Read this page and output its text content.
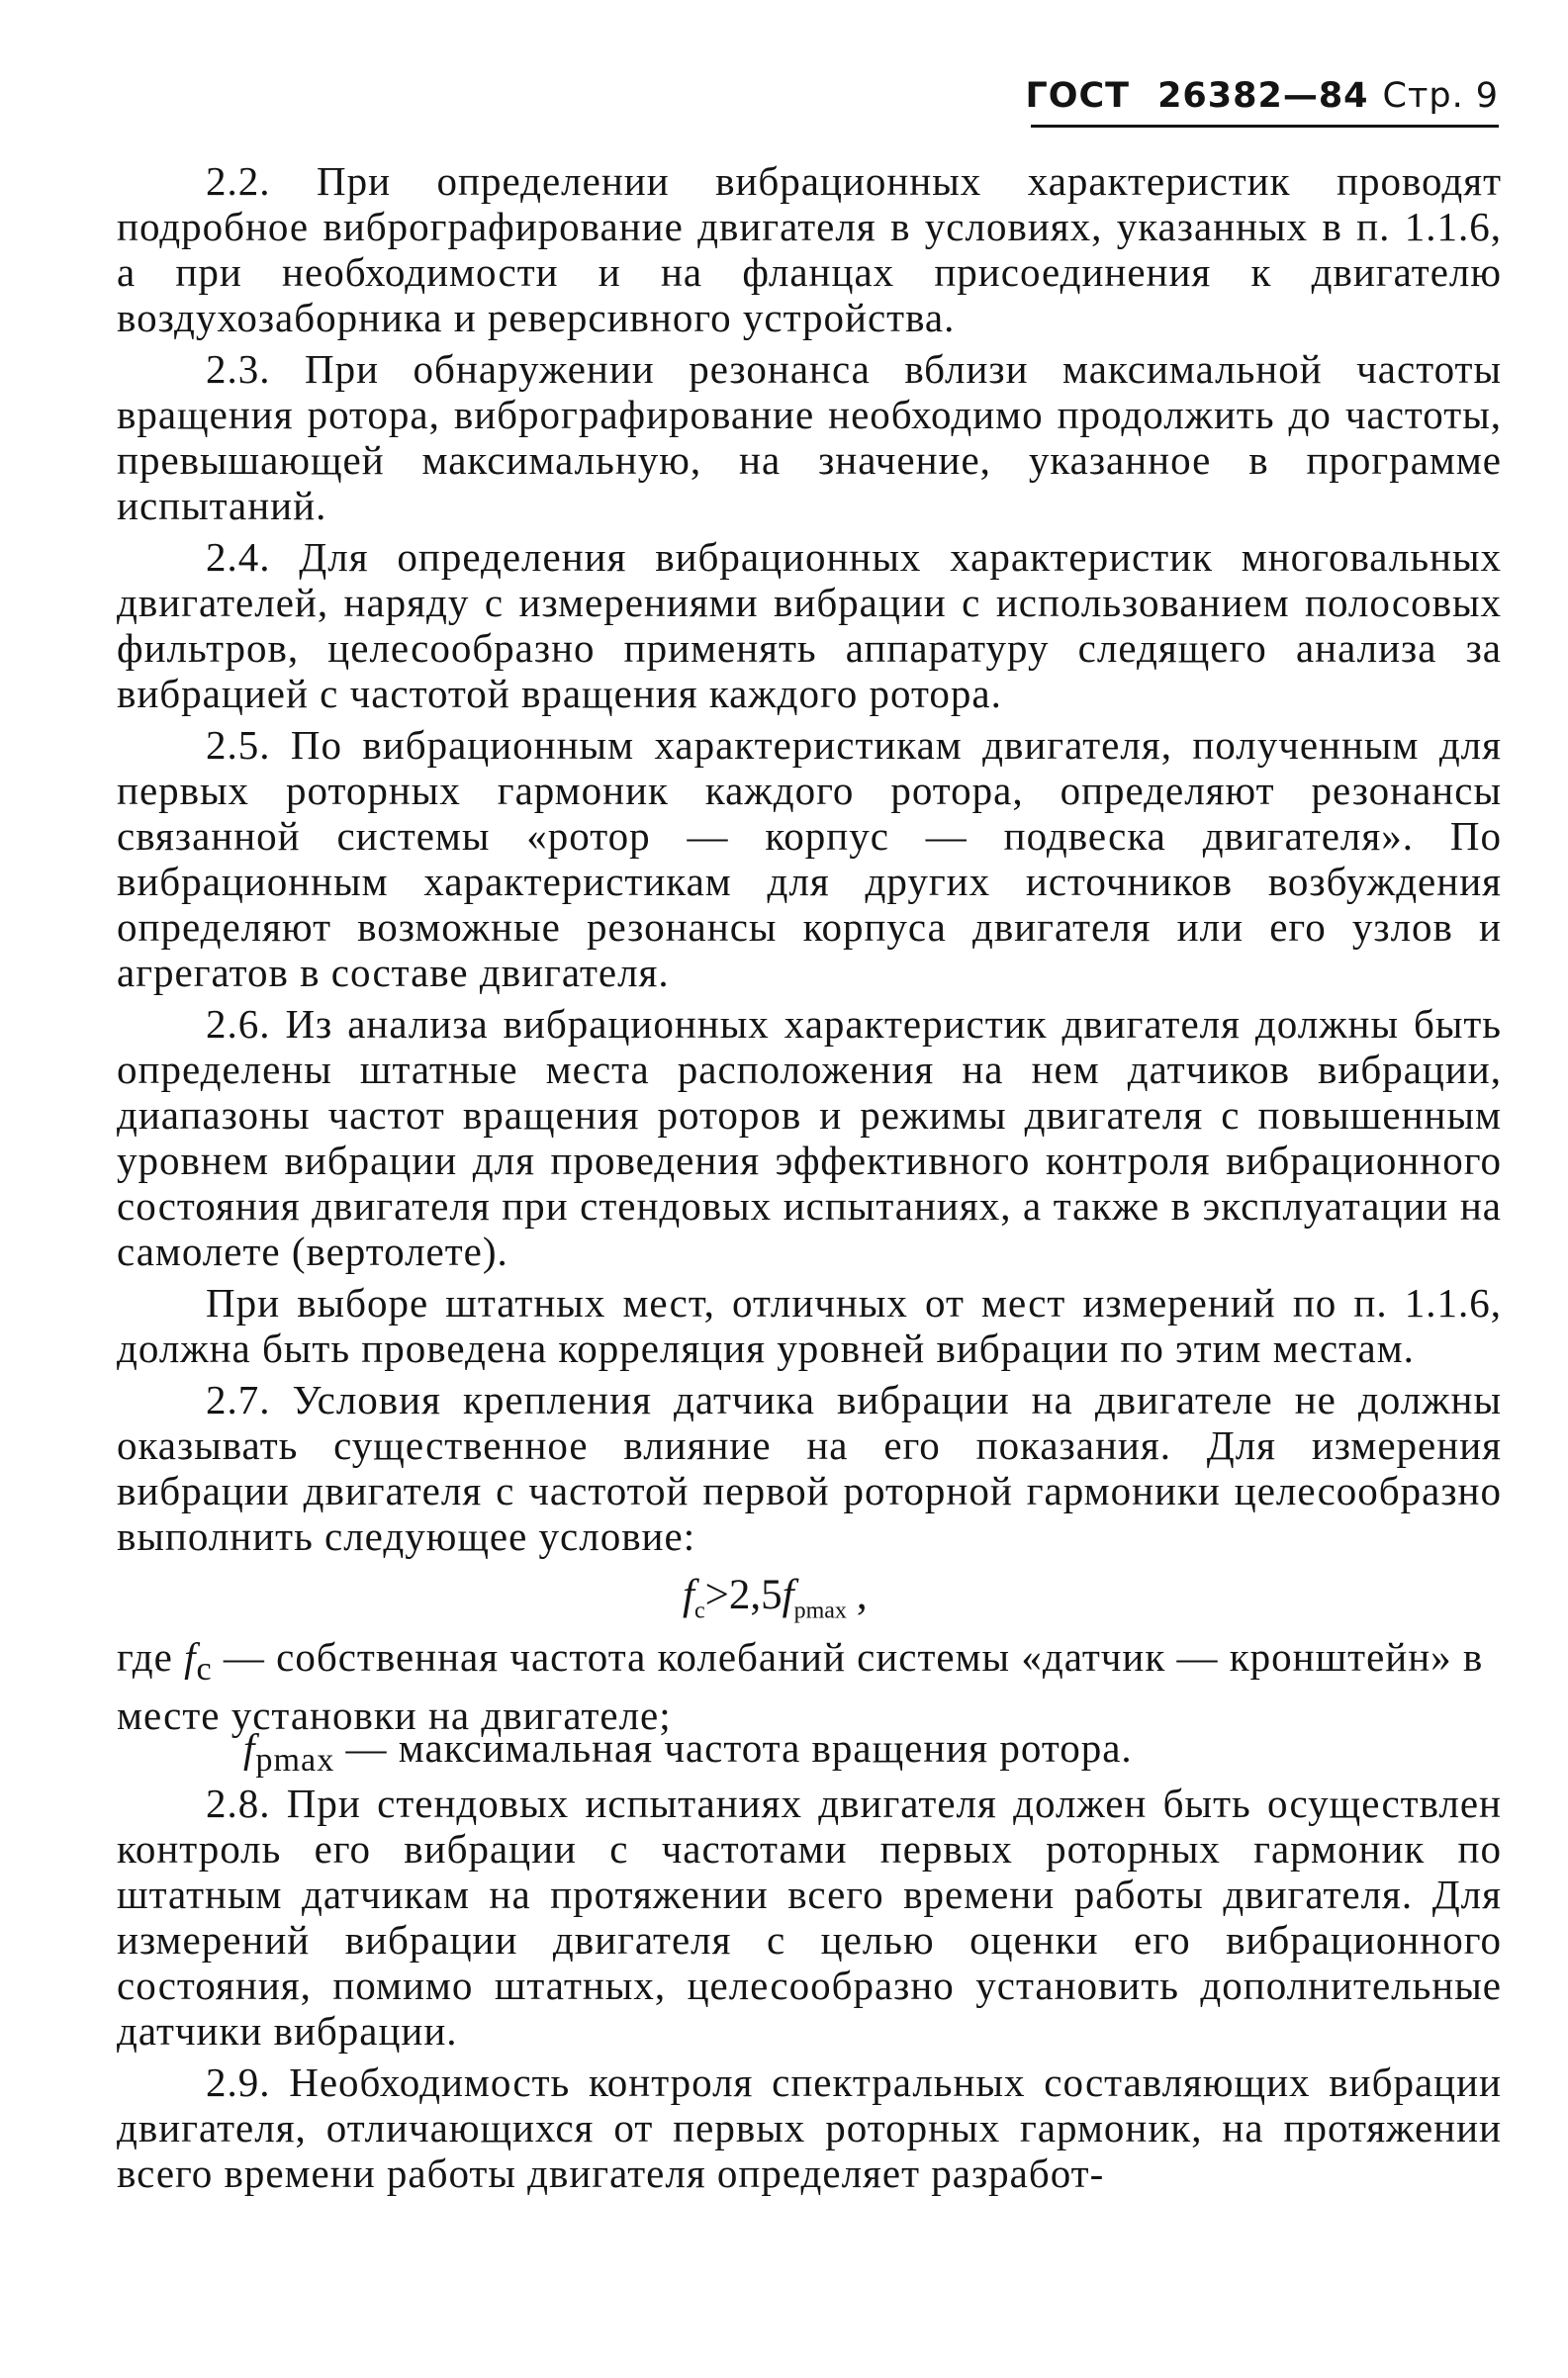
ГОСТ 26382—84 Стр. 9

2.2. При определении вибрационных характеристик проводят подробное вибрографирование двигателя в условиях, указанных в п. 1.1.6, а при необходимости и на фланцах присоединения к двигателю воздухозаборника и реверсивного устройства.

2.3. При обнаружении резонанса вблизи максимальной частоты вращения ротора, вибрографирование необходимо продолжить до частоты, превышающей максимальную, на значение, указанное в программе испытаний.

2.4. Для определения вибрационных характеристик многовальных двигателей, наряду с измерениями вибрации с использованием полосовых фильтров, целесообразно применять аппаратуру следящего анализа за вибрацией с частотой вращения каждого ротора.

2.5. По вибрационным характеристикам двигателя, полученным для первых роторных гармоник каждого ротора, определяют резонансы связанной системы «ротор — корпус — подвеска двигателя». По вибрационным характеристикам для других источников возбуждения определяют возможные резонансы корпуса двигателя или его узлов и агрегатов в составе двигателя.

2.6. Из анализа вибрационных характеристик двигателя должны быть определены штатные места расположения на нем датчиков вибрации, диапазоны частот вращения роторов и режимы двигателя с повышенным уровнем вибрации для проведения эффективного контроля вибрационного состояния двигателя при стендовых испытаниях, а также в эксплуатации на самолете (вертолете).

При выборе штатных мест, отличных от мест измерений по п. 1.1.6, должна быть проведена корреляция уровней вибрации по этим местам.

2.7. Условия крепления датчика вибрации на двигателе не должны оказывать существенное влияние на его показания. Для измерения вибрации двигателя с частотой первой роторной гармоники целесообразно выполнить следующее условие:

$f_c>2,5f_{pmax}$ ,
где $f_c$ — собственная частота колебаний системы «датчик — кронштейн» в месте установки на двигателе;
$f_{pmax}$ — максимальная частота вращения ротора.

2.8. При стендовых испытаниях двигателя должен быть осуществлен контроль его вибрации с частотами первых роторных гармоник по штатным датчикам на протяжении всего времени работы двигателя. Для измерений вибрации двигателя с целью оценки его вибрационного состояния, помимо штатных, целесообразно установить дополнительные датчики вибрации.

2.9. Необходимость контроля спектральных составляющих вибрации двигателя, отличающихся от первых роторных гармоник, на протяжении всего времени работы двигателя определяет разработ-
